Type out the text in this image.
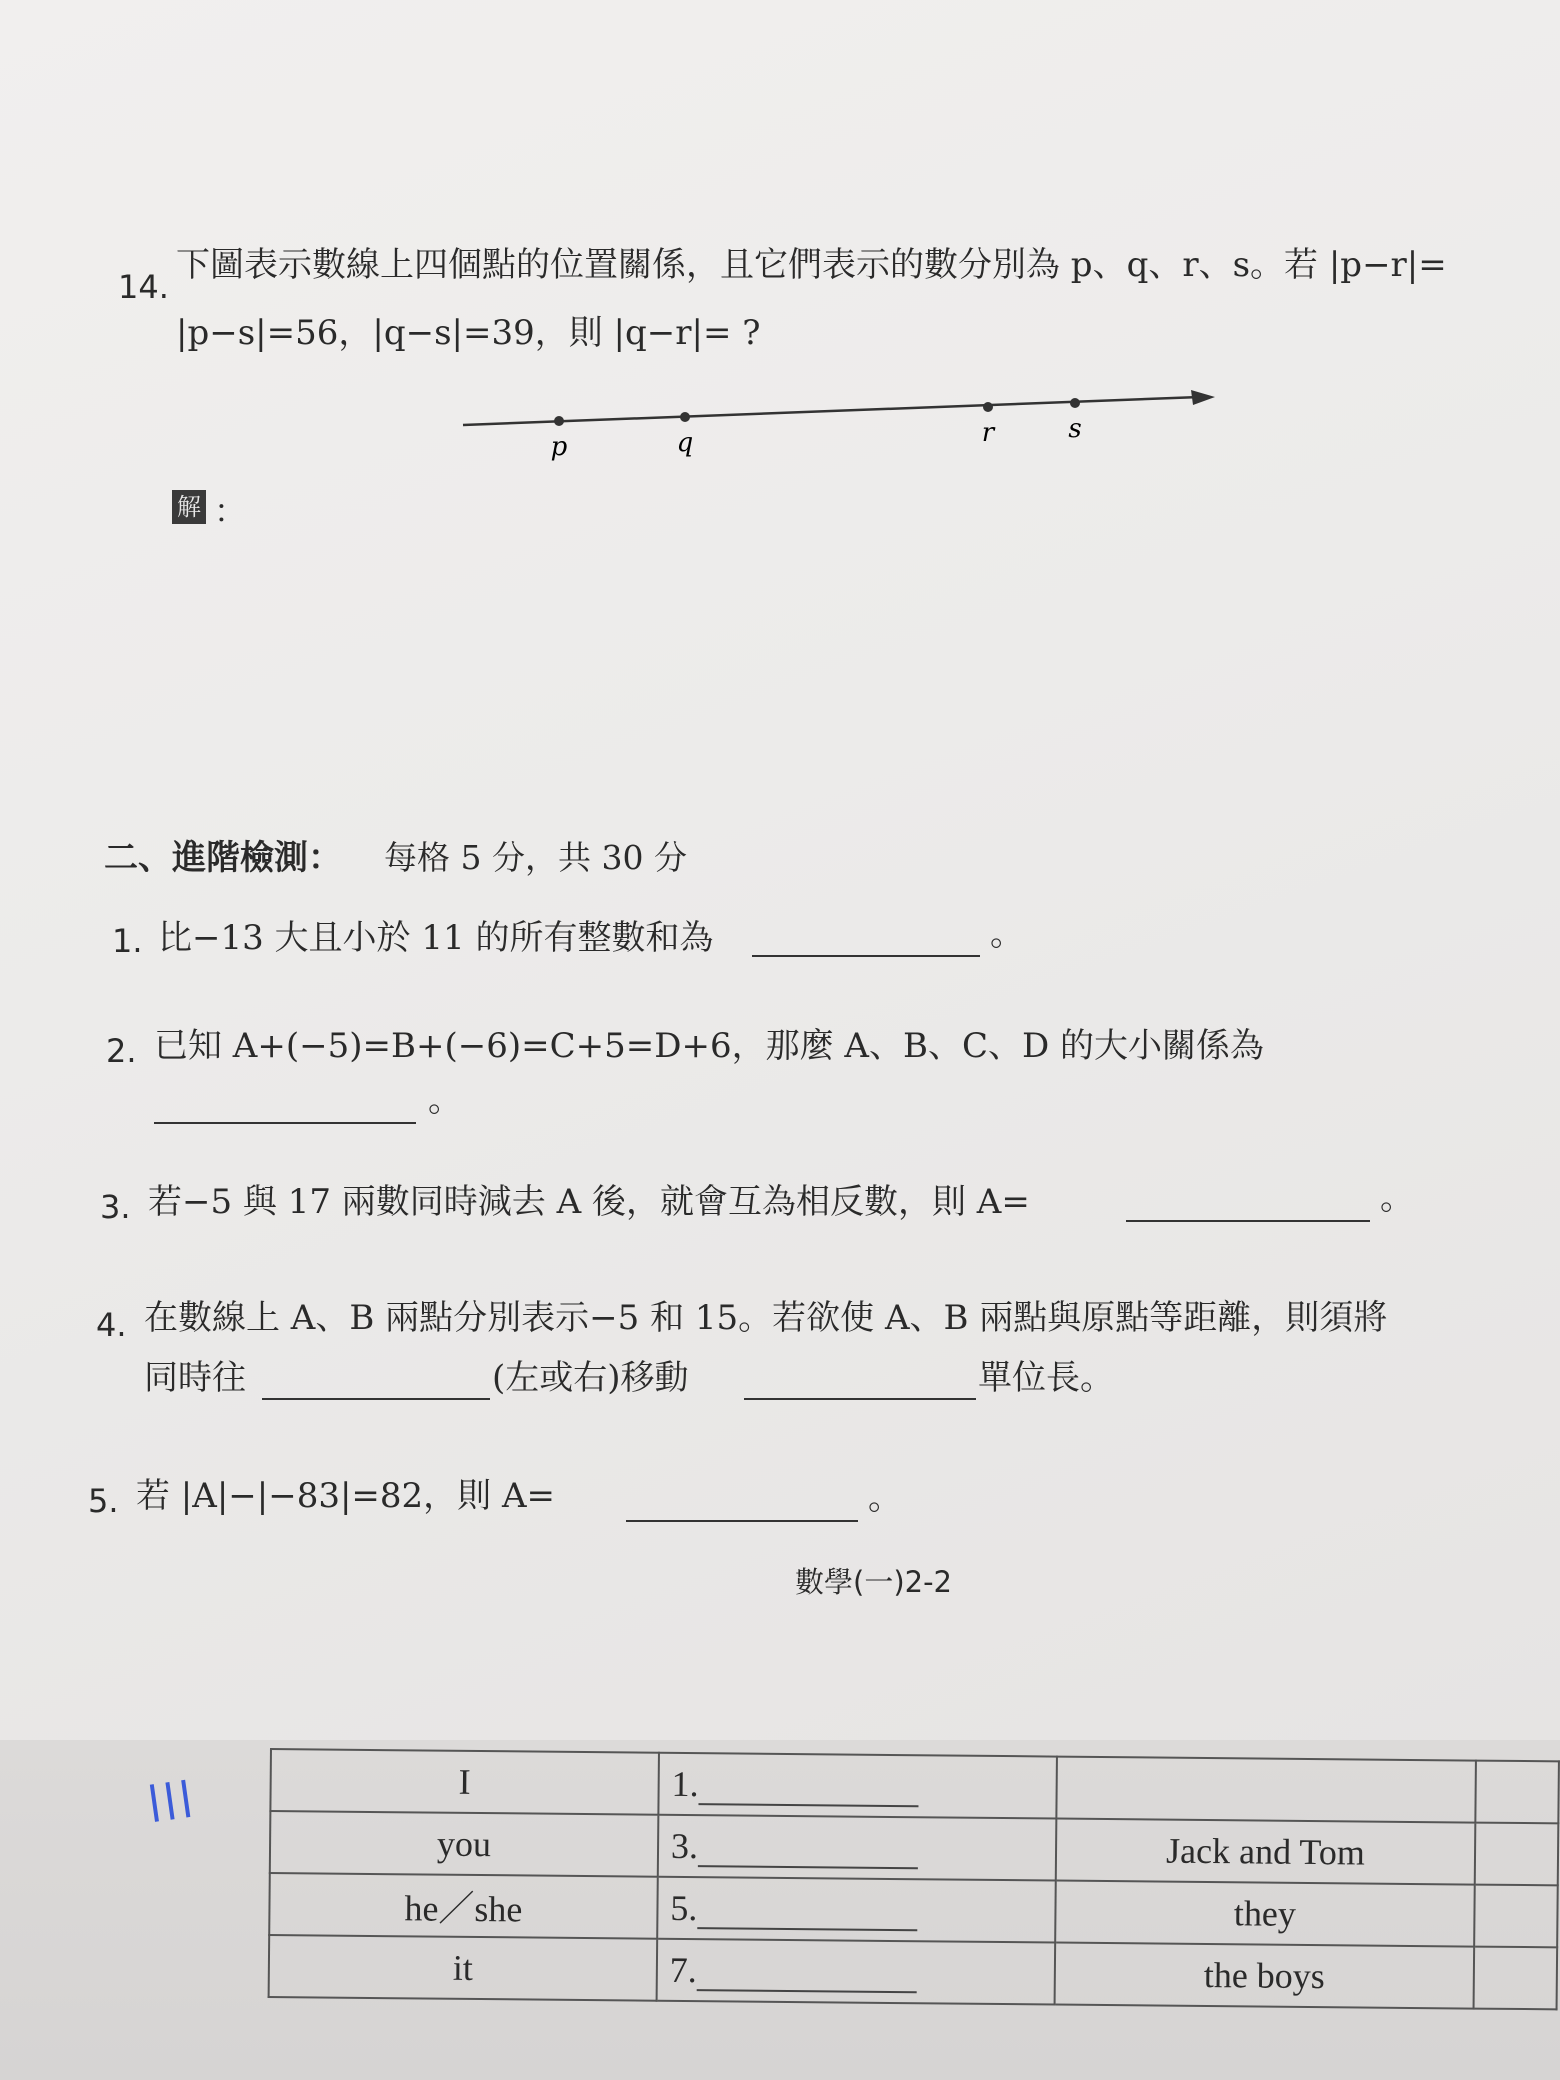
14.
下圖表示數線上四個點的位置關係，且它們表示的數分別為 p、q、r、s。若 |p−r|=
|p−s|=56，|q−s|=39，則 |q−r|= ?
p	q	r	s
解 ：
二、進階檢測： 每格 5 分，共 30 分
1. 比−13 大且小於 11 的所有整數和為	。
2. 已知 A+(−5)=B+(−6)=C+5=D+6，那麼 A、B、C、D 的大小關係為
。
3. 若−5 與 17 兩數同時減去 A 後，就會互為相反數，則 A=	。
4. 在數線上 A、B 兩點分別表示−5 和 15。若欲使 A、B 兩點與原點等距離，則須將
同時往	(左或右)移動	單位長。
5. 若 |A|−|−83|=82，則 A=	。
數學(一)2-2
ǀǀǀ	I	1.		
you	3.	Jack and Tom	
he／she	5.	they	
it	7.	the boys	
